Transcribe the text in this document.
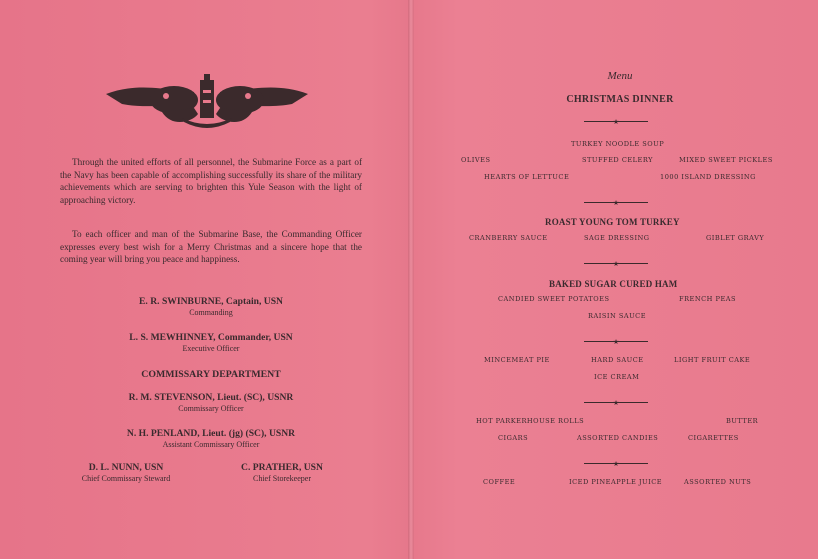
Through the united efforts of all personnel, the Submarine Force as a part of the Navy has been capable of accomplishing successfully its share of the military achievements which are serving to brighten this Yule Season with the light of approaching victory.

To each officer and man of the Submarine Base, the Commanding Officer expresses every best wish for a Merry Christmas and a sincere hope that the coming year will bring you peace and happiness.

E. R. SWINBURNE, Captain, USN
Commanding
L. S. MEWHINNEY, Commander, USN
Executive Officer
COMMISSARY DEPARTMENT
R. M. STEVENSON, Lieut. (SC), USNR
Commissary Officer
N. H. PENLAND, Lieut. (jg) (SC), USNR
Assistant Commissary Officer
D. L. NUNN, USN
Chief Commissary Steward
C. PRATHER, USN
Chief Storekeeper
Menu
CHRISTMAS DINNER
★
TURKEY NOODLE SOUP
OLIVES	STUFFED CELERY	MIXED SWEET PICKLES
HEARTS OF LETTUCE	1000 ISLAND DRESSING
★
ROAST YOUNG TOM TURKEY
CRANBERRY SAUCE	SAGE DRESSING	GIBLET GRAVY
★
BAKED SUGAR CURED HAM
CANDIED SWEET POTATOES	FRENCH PEAS
RAISIN SAUCE
★
MINCEMEAT PIE	HARD SAUCE	LIGHT FRUIT CAKE
ICE CREAM
★
HOT PARKERHOUSE ROLLS	BUTTER
CIGARS	ASSORTED CANDIES	CIGARETTES
★
COFFEE	ICED PINEAPPLE JUICE	ASSORTED NUTS
